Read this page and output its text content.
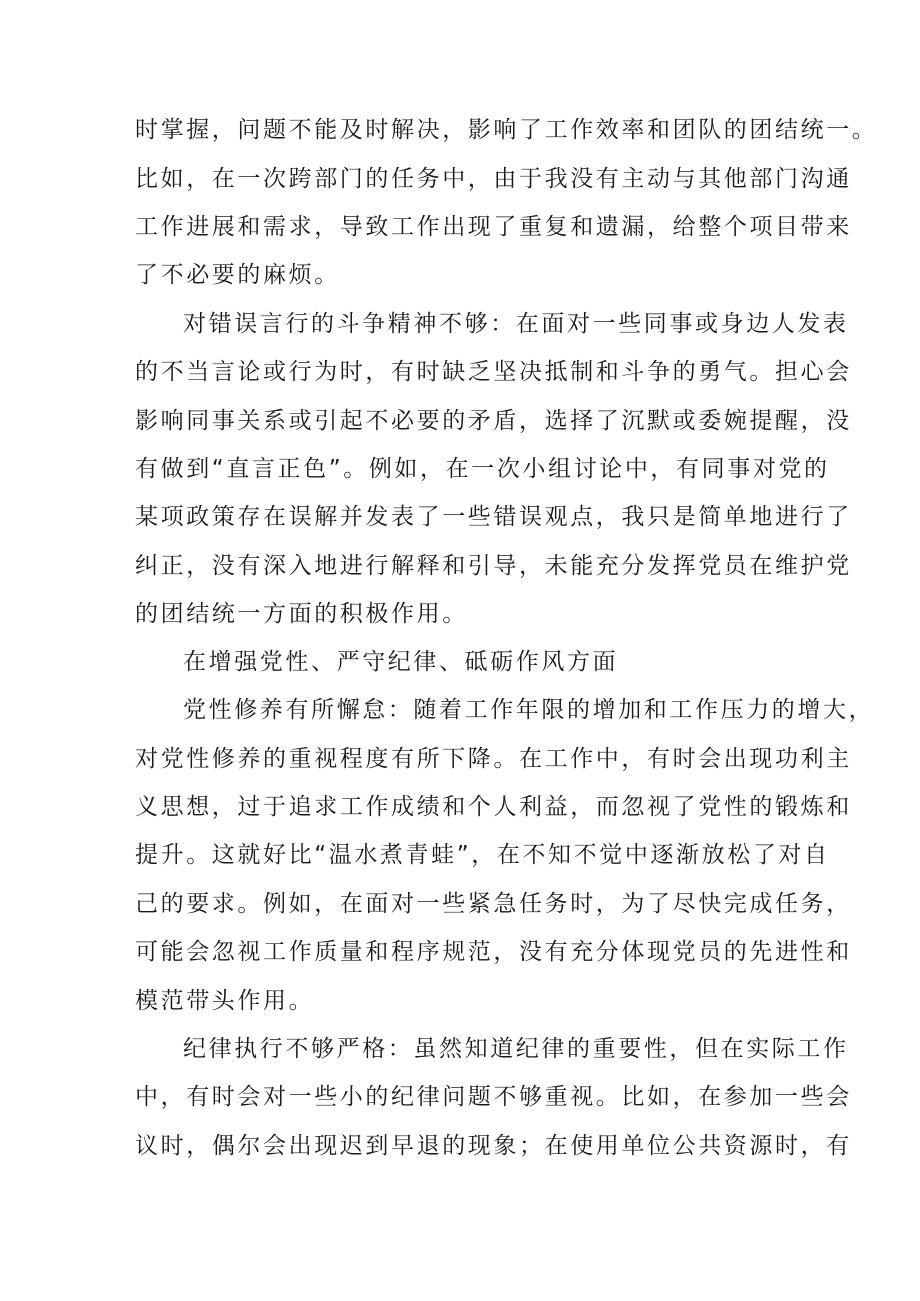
时掌握，问题不能及时解决，影响了工作效率和团队的团结统一。
比如，在一次跨部门的任务中，由于我没有主动与其他部门沟通
工作进展和需求，导致工作出现了重复和遗漏，给整个项目带来
了不必要的麻烦。
对错误言行的斗争精神不够：在面对一些同事或身边人发表
的不当言论或行为时，有时缺乏坚决抵制和斗争的勇气。担心会
影响同事关系或引起不必要的矛盾，选择了沉默或委婉提醒，没
有做到“直言正色”。例如，在一次小组讨论中，有同事对党的
某项政策存在误解并发表了一些错误观点，我只是简单地进行了
纠正，没有深入地进行解释和引导，未能充分发挥党员在维护党
的团结统一方面的积极作用。
在增强党性、严守纪律、砥砺作风方面
党性修养有所懈怠：随着工作年限的增加和工作压力的增大，
对党性修养的重视程度有所下降。在工作中，有时会出现功利主
义思想，过于追求工作成绩和个人利益，而忽视了党性的锻炼和
提升。这就好比“温水煮青蛙”，在不知不觉中逐渐放松了对自
己的要求。例如，在面对一些紧急任务时，为了尽快完成任务，
可能会忽视工作质量和程序规范，没有充分体现党员的先进性和
模范带头作用。
纪律执行不够严格：虽然知道纪律的重要性，但在实际工作
中，有时会对一些小的纪律问题不够重视。比如，在参加一些会
议时，偶尔会出现迟到早退的现象；在使用单位公共资源时，有
